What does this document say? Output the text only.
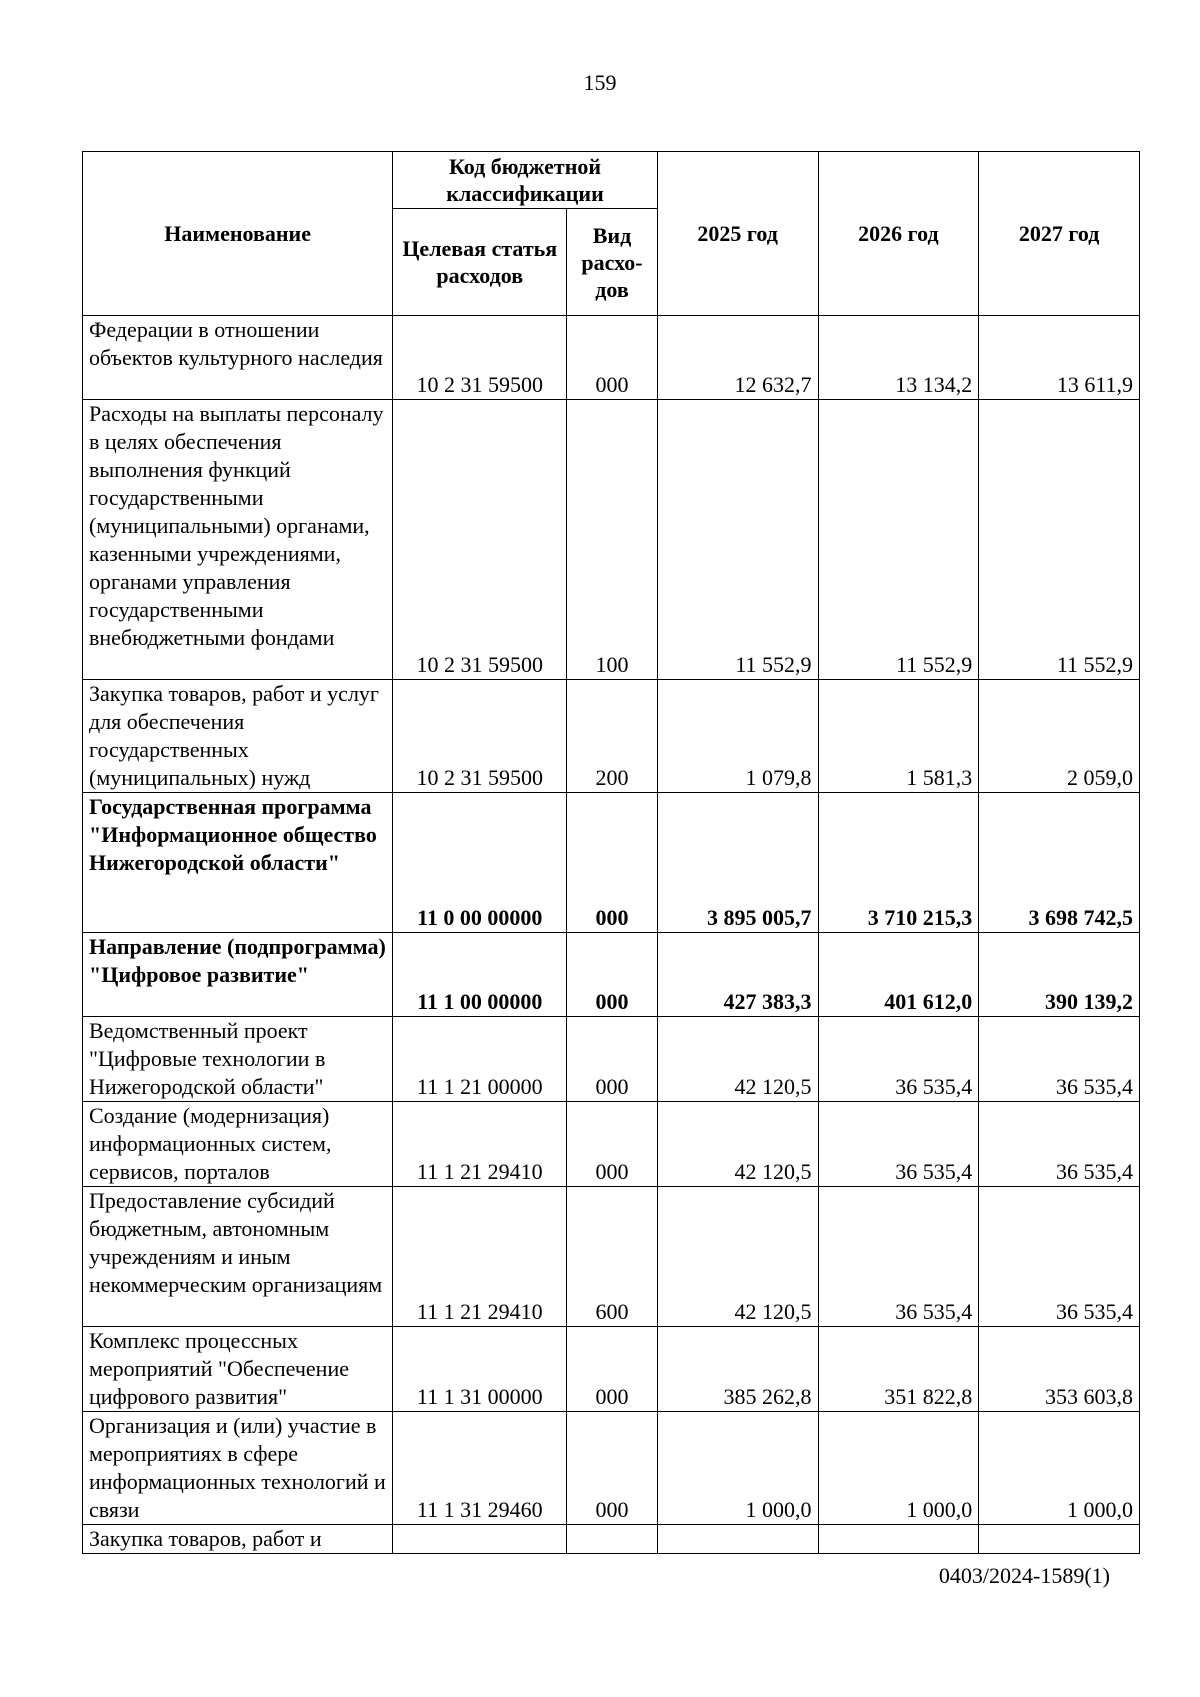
159
Наименование	Код бюджетной классификации		2025 год	2026 год	2027 год
	Целевая статья расходов	Вид расхо-дов			
Федерации в отношении объектов культурного наследия	10 2 31 59500	000	12 632,7	13 134,2	13 611,9
Расходы на выплаты персоналу в целях обеспечения выполнения функций государственными (муниципальными) органами, казенными учреждениями, органами управления государственными внебюджетными фондами	10 2 31 59500	100	11 552,9	11 552,9	11 552,9
Закупка товаров, работ и услуг для обеспечения государственных (муниципальных) нужд	10 2 31 59500	200	1 079,8	1 581,3	2 059,0
Государственная программа "Информационное общество Нижегородской области"	11 0 00 00000	000	3 895 005,7	3 710 215,3	3 698 742,5
Направление (подпрограмма) "Цифровое развитие"	11 1 00 00000	000	427 383,3	401 612,0	390 139,2
Ведомственный проект "Цифровые технологии в Нижегородской области"	11 1 21 00000	000	42 120,5	36 535,4	36 535,4
Создание (модернизация) информационных систем, сервисов, порталов	11 1 21 29410	000	42 120,5	36 535,4	36 535,4
Предоставление субсидий бюджетным, автономным учреждениям и иным некоммерческим организациям	11 1 21 29410	600	42 120,5	36 535,4	36 535,4
Комплекс процессных мероприятий "Обеспечение цифрового развития"	11 1 31 00000	000	385 262,8	351 822,8	353 603,8
Организация и (или) участие в мероприятиях в сфере информационных технологий и связи	11 1 31 29460	000	1 000,0	1 000,0	1 000,0
Закупка товаров, работ и					
0403/2024-1589(1)
